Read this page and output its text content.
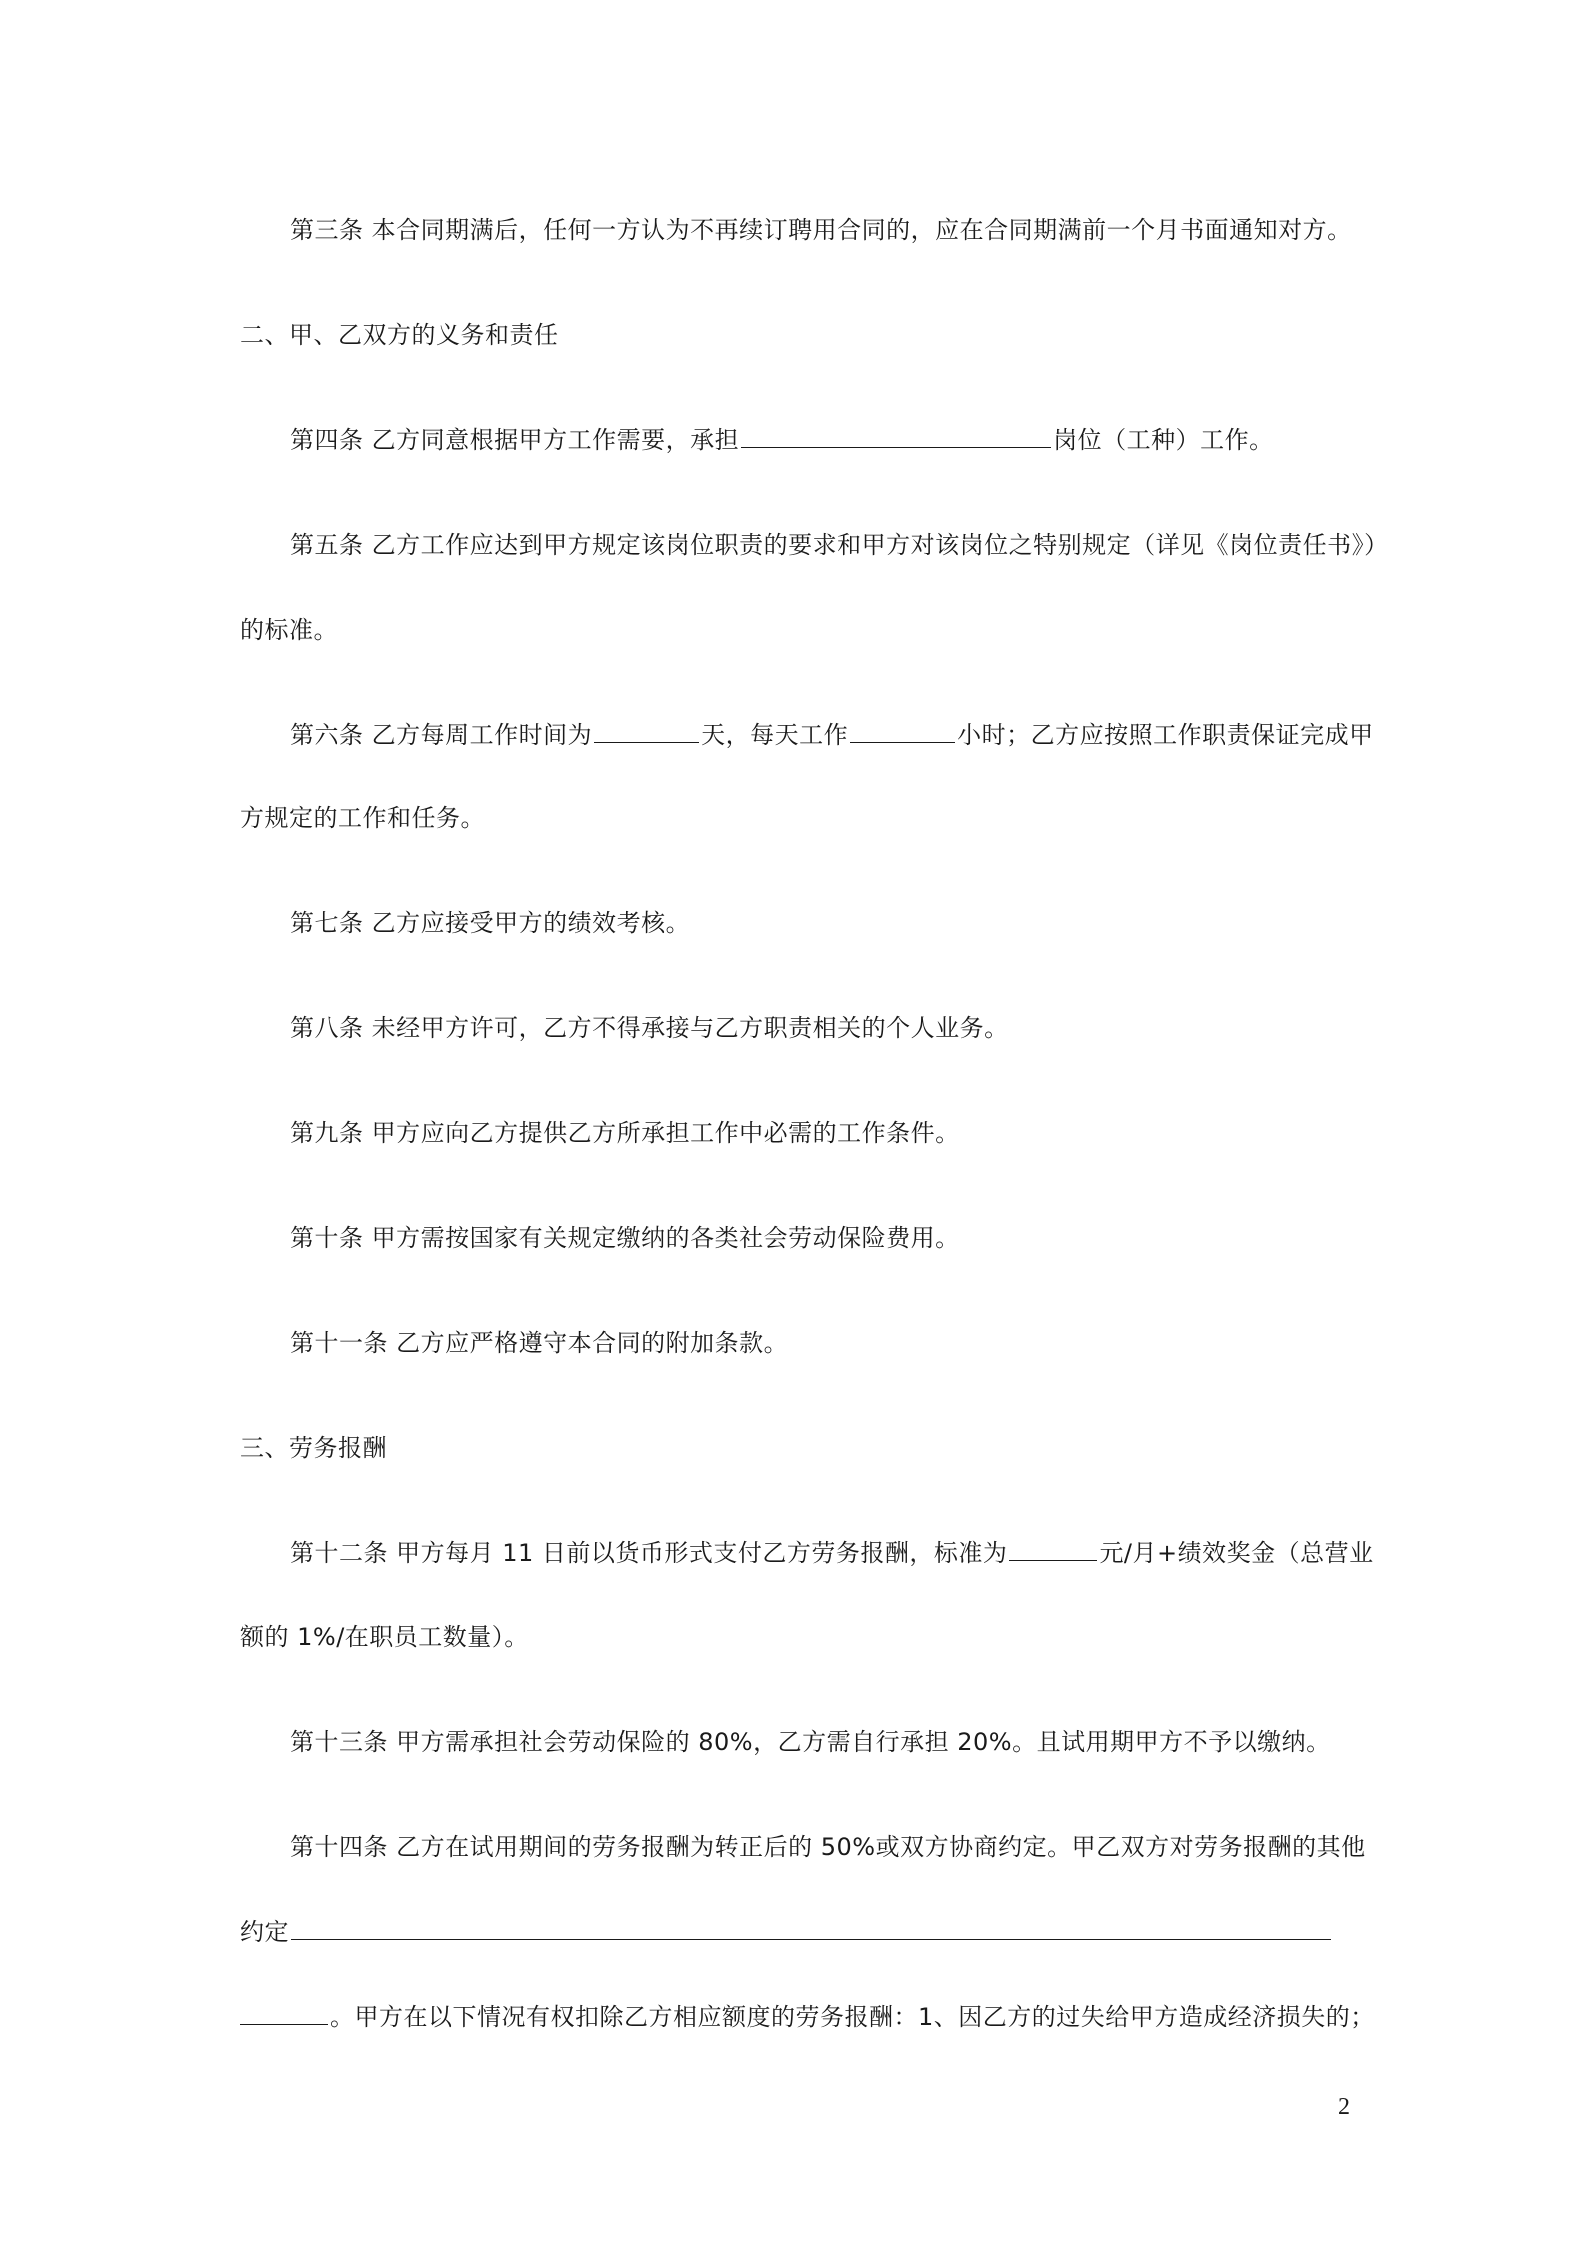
第三条 本合同期满后，任何一方认为不再续订聘用合同的，应在合同期满前一个月书面通知对方。
二、甲、乙双方的义务和责任
第四条 乙方同意根据甲方工作需要，承担	岗位（工种）工作。
第五条 乙方工作应达到甲方规定该岗位职责的要求和甲方对该岗位之特别规定（详见《岗位责任书》）
的标准。
第六条 乙方每周工作时间为	天，每天工作	小时；乙方应按照工作职责保证完成甲
方规定的工作和任务。
第七条 乙方应接受甲方的绩效考核。
第八条 未经甲方许可，乙方不得承接与乙方职责相关的个人业务。
第九条 甲方应向乙方提供乙方所承担工作中必需的工作条件。
第十条 甲方需按国家有关规定缴纳的各类社会劳动保险费用。
第十一条 乙方应严格遵守本合同的附加条款。
三、劳务报酬
第十二条 甲方每月 11 日前以货币形式支付乙方劳务报酬，标准为	元/月+绩效奖金（总营业
额的 1%/在职员工数量）。
第十三条 甲方需承担社会劳动保险的 80%，乙方需自行承担 20%。且试用期甲方不予以缴纳。
第十四条 乙方在试用期间的劳务报酬为转正后的 50%或双方协商约定。甲乙双方对劳务报酬的其他
约定
。甲方在以下情况有权扣除乙方相应额度的劳务报酬：1、因乙方的过失给甲方造成经济损失的；
2
